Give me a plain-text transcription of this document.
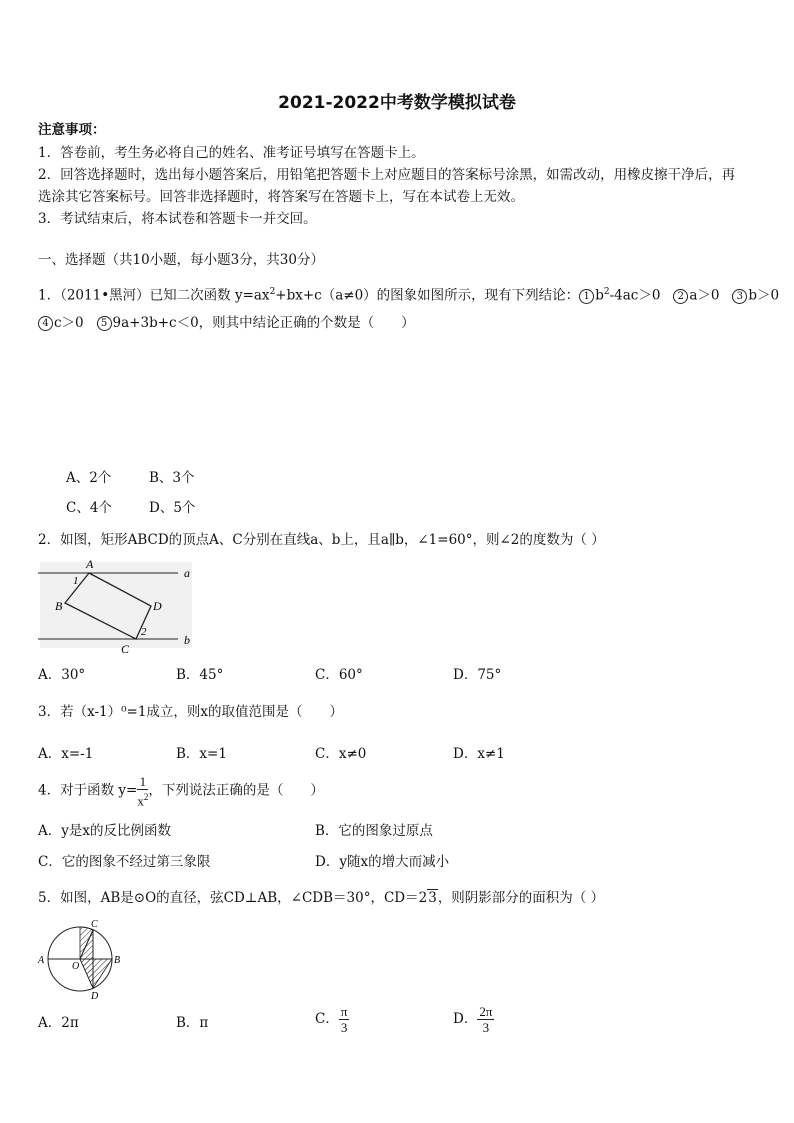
2021-2022中考数学模拟试卷
注意事项：
1．答卷前，考生务必将自己的姓名、准考证号填写在答题卡上。
2．回答选择题时，选出每小题答案后，用铅笔把答题卡上对应题目的答案标号涂黑，如需改动，用橡皮擦干净后，再
选涂其它答案标号。回答非选择题时，将答案写在答题卡上，写在本试卷上无效。
3．考试结束后，将本试卷和答题卡一并交回。
一、选择题（共10小题，每小题3分，共30分）
1．（2011•黑河）已知二次函数 $y=ax^2+bx+c(a\ne 0)$的图象如图所示，现有下列结论： 1 $b^2-4ac>0$ 2 a＞0 3 b＞0
4 c＞0 5 9a+3b+c＜0，则其中结论正确的个数是（　　）
A、2个	B、3个
C、4个	D、5个
2．如图，矩形ABCD的顶点A、C分别在直线a、b上，且a∥b，∠1=60°，则∠2的度数为（ ）
a
b
A
B
C
D
1
2
A．30°	B．45°	C．60°	D．75°
3．若（x-1）⁰=1成立，则x的取值范围是（　　）
A．x=-1	B．x=1	C．x≠0	D．x≠1
4．对于函数 $y= \frac{1}{x^2}$ ，下列说法正确的是（　　）
A．y是x的反比例函数	B．它的图象过原点
C．它的图象不经过第三象限	D．y随x的增大而减小
5．如图，AB是⊙O的直径，弦CD⊥AB，∠CDB＝30°，CD＝23，则阴影部分的面积为（ ）
A	B
C
D
O
A．2π	B．π	C． $\frac{\pi}{3}$	D． $\frac{2\pi}{3}$
